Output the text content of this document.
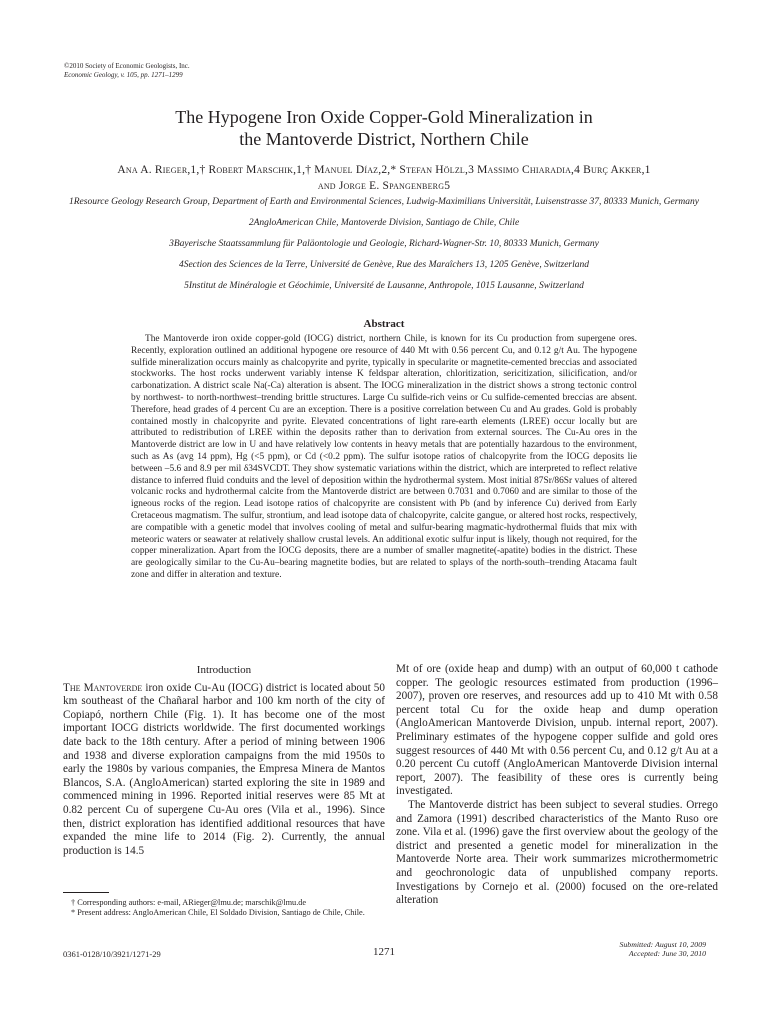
©2010 Society of Economic Geologists, Inc.
Economic Geology, v. 105, pp. 1271–1299
The Hypogene Iron Oxide Copper-Gold Mineralization in
the Mantoverde District, Northern Chile
Ana A. Rieger,1,† Robert Marschik,1,† Manuel Díaz,2,* Stefan Hölzl,3 Massimo Chiaradia,4 Burç Akker,1
and Jorge E. Spangenberg5

1Resource Geology Research Group, Department of Earth and Environmental Sciences, Ludwig-Maximilians Universität, Luisenstrasse 37, 80333 Munich, Germany

2AngloAmerican Chile, Mantoverde Division, Santiago de Chile, Chile

3Bayerische Staatssammlung für Paläontologie und Geologie, Richard-Wagner-Str. 10, 80333 Munich, Germany

4Section des Sciences de la Terre, Université de Genève, Rue des Maraîchers 13, 1205 Genève, Switzerland

5Institut de Minéralogie et Géochimie, Université de Lausanne, Anthropole, 1015 Lausanne, Switzerland

Abstract

The Mantoverde iron oxide copper-gold (IOCG) district, northern Chile, is known for its Cu production from supergene ores. Recently, exploration outlined an additional hypogene ore resource of 440 Mt with 0.56 percent Cu, and 0.12 g/t Au. The hypogene sulfide mineralization occurs mainly as chalcopyrite and pyrite, typically in specularite or magnetite-cemented breccias and associated stockworks. The host rocks underwent variably intense K feldspar alteration, chloritization, sericitization, silicification, and/or carbonatization. A district scale Na(-Ca) alteration is absent. The IOCG mineralization in the district shows a strong tectonic control by northwest- to north-northwest–trending brittle structures. Large Cu sulfide-rich veins or Cu sulfide-cemented breccias are absent. Therefore, head grades of 4 percent Cu are an exception. There is a positive correlation between Cu and Au grades. Gold is probably contained mostly in chalcopyrite and pyrite. Elevated concentrations of light rare-earth elements (LREE) occur locally but are attributed to redistribution of LREE within the deposits rather than to derivation from external sources. The Cu-Au ores in the Mantoverde district are low in U and have relatively low contents in heavy metals that are potentially hazardous to the environment, such as As (avg 14 ppm), Hg (<5 ppm), or Cd (<0.2 ppm). The sulfur isotope ratios of chalcopyrite from the IOCG deposits lie between –5.6 and 8.9 per mil δ34SVCDT. They show systematic variations within the district, which are interpreted to reflect relative distance to inferred fluid conduits and the level of deposition within the hydrothermal system. Most initial 87Sr/86Sr values of altered volcanic rocks and hydrothermal calcite from the Mantoverde district are between 0.7031 and 0.7060 and are similar to those of the igneous rocks of the region. Lead isotope ratios of chalcopyrite are consistent with Pb (and by inference Cu) derived from Early Cretaceous magmatism. The sulfur, strontium, and lead isotope data of chalcopyrite, calcite gangue, or altered host rocks, respectively, are compatible with a genetic model that involves cooling of metal and sulfur-bearing magmatic-hydrothermal fluids that mix with meteoric waters or seawater at relatively shallow crustal levels. An additional exotic sulfur input is likely, though not required, for the copper mineralization. Apart from the IOCG deposits, there are a number of smaller magnetite(-apatite) bodies in the district. These are geologically similar to the Cu-Au–bearing magnetite bodies, but are related to splays of the north-south–trending Atacama fault zone and differ in alteration and texture.

Introduction

The Mantoverde iron oxide Cu-Au (IOCG) district is located about 50 km southeast of the Chañaral harbor and 100 km north of the city of Copiapó, northern Chile (Fig. 1). It has become one of the most important IOCG districts worldwide. The first documented workings date back to the 18th century. After a period of mining between 1906 and 1938 and diverse exploration campaigns from the mid 1950s to early the 1980s by various companies, the Empresa Minera de Mantos Blancos, S.A. (AngloAmerican) started exploring the site in 1989 and commenced mining in 1996. Reported initial reserves were 85 Mt at 0.82 percent Cu of supergene Cu-Au ores (Vila et al., 1996). Since then, district exploration has identified additional resources that have expanded the mine life to 2014 (Fig. 2). Currently, the annual production is 14.5

Mt of ore (oxide heap and dump) with an output of 60,000 t cathode copper. The geologic resources estimated from production (1996–2007), proven ore reserves, and resources add up to 410 Mt with 0.58 percent total Cu for the oxide heap and dump operation (AngloAmerican Mantoverde Division, unpub. internal report, 2007). Preliminary estimates of the hypogene copper sulfide and gold ores suggest resources of 440 Mt with 0.56 percent Cu, and 0.12 g/t Au at a 0.20 percent Cu cutoff (AngloAmerican Mantoverde Division internal report, 2007). The feasibility of these ores is currently being investigated.

The Mantoverde district has been subject to several studies. Orrego and Zamora (1991) described characteristics of the Manto Ruso ore zone. Vila et al. (1996) gave the first overview about the geology of the district and presented a genetic model for mineralization in the Mantoverde Norte area. Their work summarizes microthermometric and geochronologic data of unpublished company reports. Investigations by Cornejo et al. (2000) focused on the ore-related alteration

† Corresponding authors: e-mail, ARieger@lmu.de; marschik@lmu.de

* Present address: AngloAmerican Chile, El Soldado Division, Santiago de Chile, Chile.

0361-0128/10/3921/1271-29	1271
Submitted: August 10, 2009
Accepted: June 30, 2010
